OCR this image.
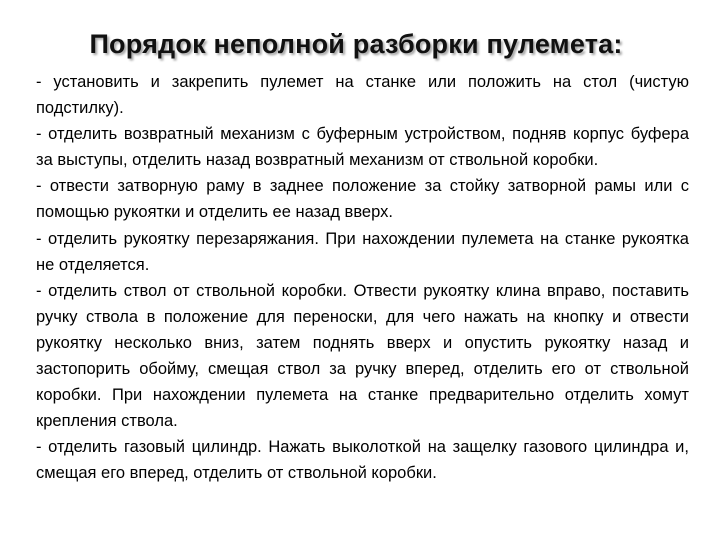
Порядок неполной разборки пулемета:

- установить и закрепить пулемет на станке или положить на стол (чистую подстилку).

- отделить возвратный механизм с буферным устройством, подняв корпус буфера за выступы, отделить назад возвратный механизм от ствольной коробки.

- отвести затворную раму в заднее положение за стойку затворной рамы или с помощью рукоятки и отделить ее назад вверх.

- отделить рукоятку перезаряжания. При нахождении пулемета на станке рукоятка не отделяется.

- отделить ствол от ствольной коробки. Отвести рукоятку клина вправо, поставить ручку ствола в положение для переноски, для чего нажать на кнопку и отвести рукоятку несколько вниз, затем поднять вверх и опустить рукоятку назад и застопорить обойму, смещая ствол за ручку вперед, отделить его от ствольной коробки. При нахождении пулемета на станке предварительно отделить хомут крепления ствола.

- отделить газовый цилиндр. Нажать выколоткой на защелку газового цилиндра и, смещая его вперед, отделить от ствольной коробки.
